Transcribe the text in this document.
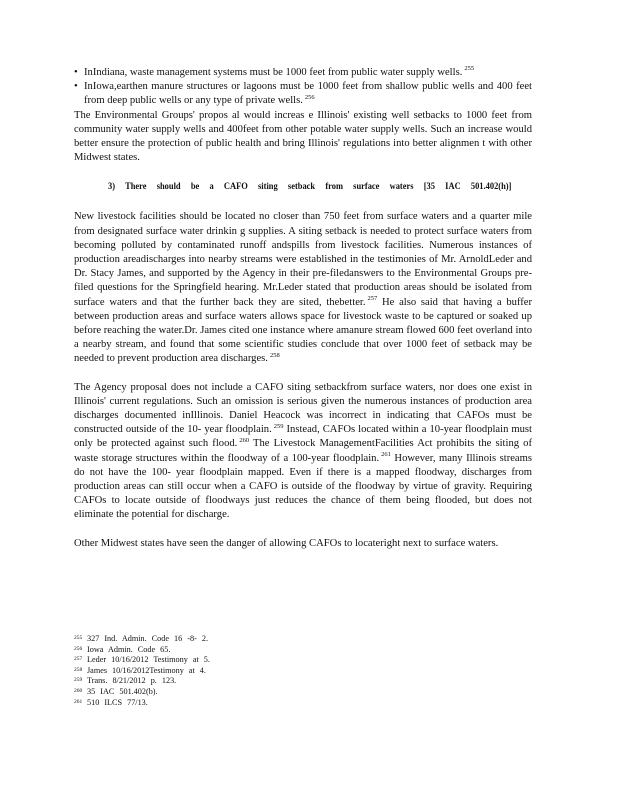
• InIndiana, waste management systems must be 1000 feet from public water supply wells. $^{255}$
• InIowa,earthen manure structures or lagoons must be 1000 feet from shallow public wells and 400 feet from deep public wells or any type of private wells. $^{256}$

The Environmental Groups' propos al would increas e Illinois' existing well setbacks to 1000 feet from community water supply wells and 400feet from other potable water supply wells. Such an increase would better ensure the protection of public health and bring Illinois' regulations into better alignmen t with other Midwest states.

3) There should be a CAFO siting setback from surface waters [35 IAC 501.402(h)]

New livestock facilities should be located no closer than 750 feet from surface waters and a quarter mile from designated surface water drinkin g supplies. A siting setback is needed to protect surface waters from becoming polluted by contaminated runoff andspills from livestock facilities. Numerous instances of production areadischarges into nearby streams were established in the testimonies of Mr. ArnoldLeder and Dr. Stacy James, and supported by the Agency in their pre-filedanswers to the Environmental Groups pre-filed questions for the Springfield hearing. Mr.Leder stated that production areas should be isolated from surface waters and that the further back they are sited, thebetter. $^{257}$ He also said that having a buffer between production areas and surface waters allows space for livestock waste to be captured or soaked up before reaching the water.Dr. James cited one instance where amanure stream flowed 600 feet overland into a nearby stream, and found that some scientific studies conclude that over 1000 feet of setback may be needed to prevent production area discharges. $^{258}$

The Agency proposal does not include a CAFO siting setbackfrom surface waters, nor does one exist in Illinois' current regulations. Such an omission is serious given the numerous instances of production area discharges documented inIllinois. Daniel Heacock was incorrect in indicating that CAFOs must be constructed outside of the 10- year floodplain. $^{259}$ Instead, CAFOs located within a 10-year floodplain must only be protected against such flood. $^{260}$ The Livestock ManagementFacilities Act prohibits the siting of waste storage structures within the floodway of a 100-year floodplain. $^{261}$ However, many Illinois streams do not have the 100- year floodplain mapped. Even if there is a mapped floodway, discharges from production areas can still occur when a CAFO is outside of the floodway by virtue of gravity. Requiring CAFOs to locate outside of floodways just reduces the chance of them being flooded, but does not eliminate the potential for discharge.

Other Midwest states have seen the danger of allowing CAFOs to locateright next to surface waters.

255 327 Ind. Admin. Code 16 -8- 2.
256 Iowa Admin. Code 65.
257 Leder 10/16/2012 Testimony at 5.
258 James 10/16/2012Testimony at 4.
259 Trans. 8/21/2012 p. 123.
260 35 IAC 501.402(b).
261 510 ILCS 77/13.
